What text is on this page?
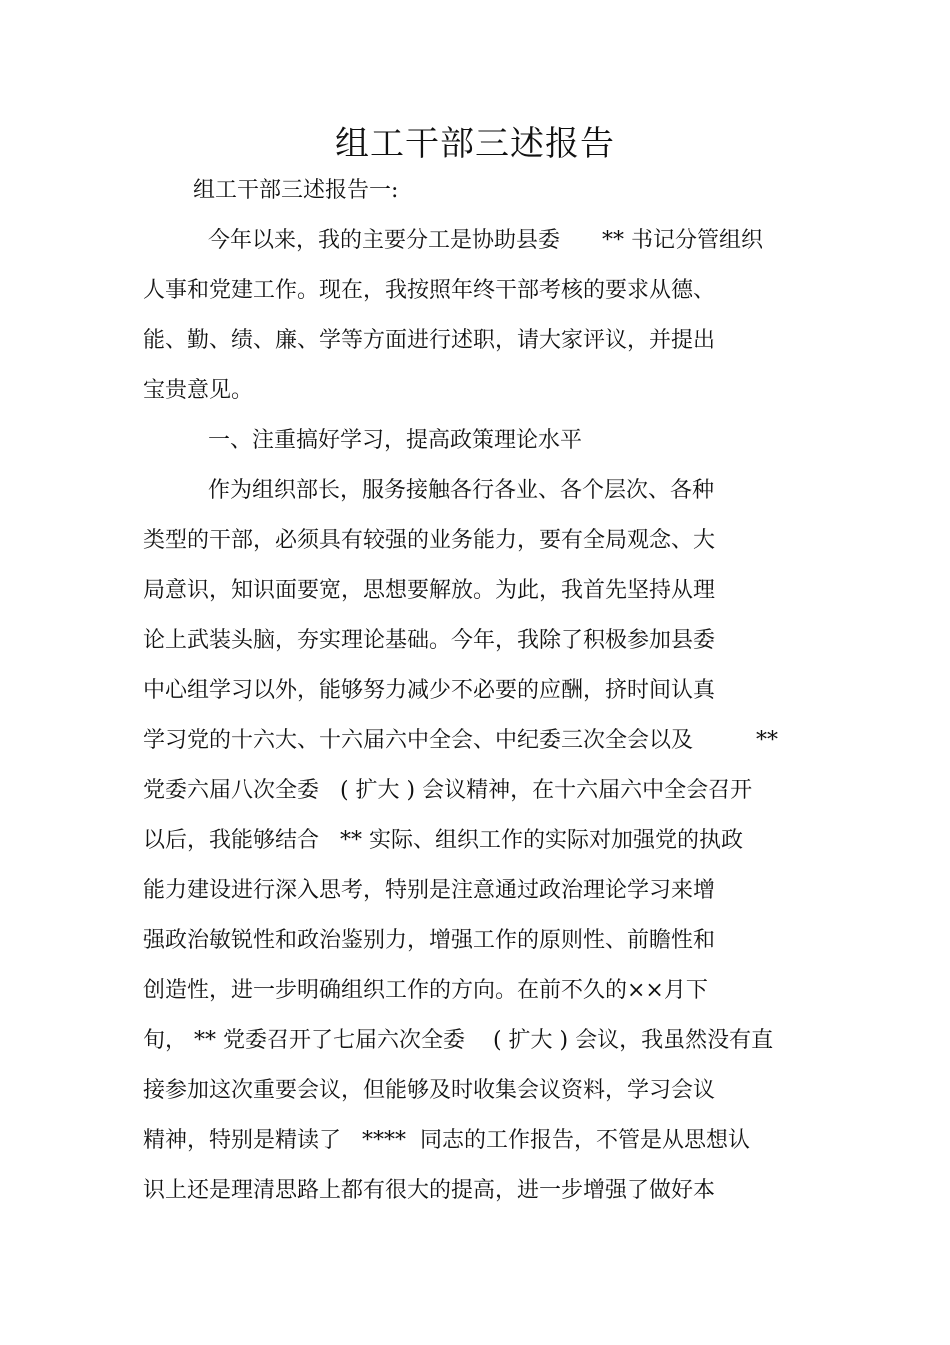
组工干部三述报告
组工干部三述报告一:
今年以来，我的主要分工是协助县委      ** 书记分管组织
人事和党建工作。现在，我按照年终干部考核的要求从德、
能、勤、绩、廉、学等方面进行述职，请大家评议，并提出
宝贵意见。
一、注重搞好学习，提高政策理论水平
作为组织部长，服务接触各行各业、各个层次、各种
类型的干部，必须具有较强的业务能力，要有全局观念、大
局意识，知识面要宽，思想要解放。为此，我首先坚持从理
论上武装头脑，夯实理论基础。今年，我除了积极参加县委
中心组学习以外，能够努力减少不必要的应酬，挤时间认真
学习党的十六大、十六届六中全会、中纪委三次全会以及         **
党委六届八次全委   ( 扩大 ) 会议精神，在十六届六中全会召开
以后，我能够结合   ** 实际、组织工作的实际对加强党的执政
能力建设进行深入思考，特别是注意通过政治理论学习来增
强政治敏锐性和政治鉴别力，增强工作的原则性、前瞻性和
创造性，进一步明确组织工作的方向。在前不久的××月下
旬， ** 党委召开了七届六次全委    ( 扩大 ) 会议，我虽然没有直
接参加这次重要会议，但能够及时收集会议资料，学习会议
精神，特别是精读了   ****  同志的工作报告，不管是从思想认
识上还是理清思路上都有很大的提高，进一步增强了做好本
